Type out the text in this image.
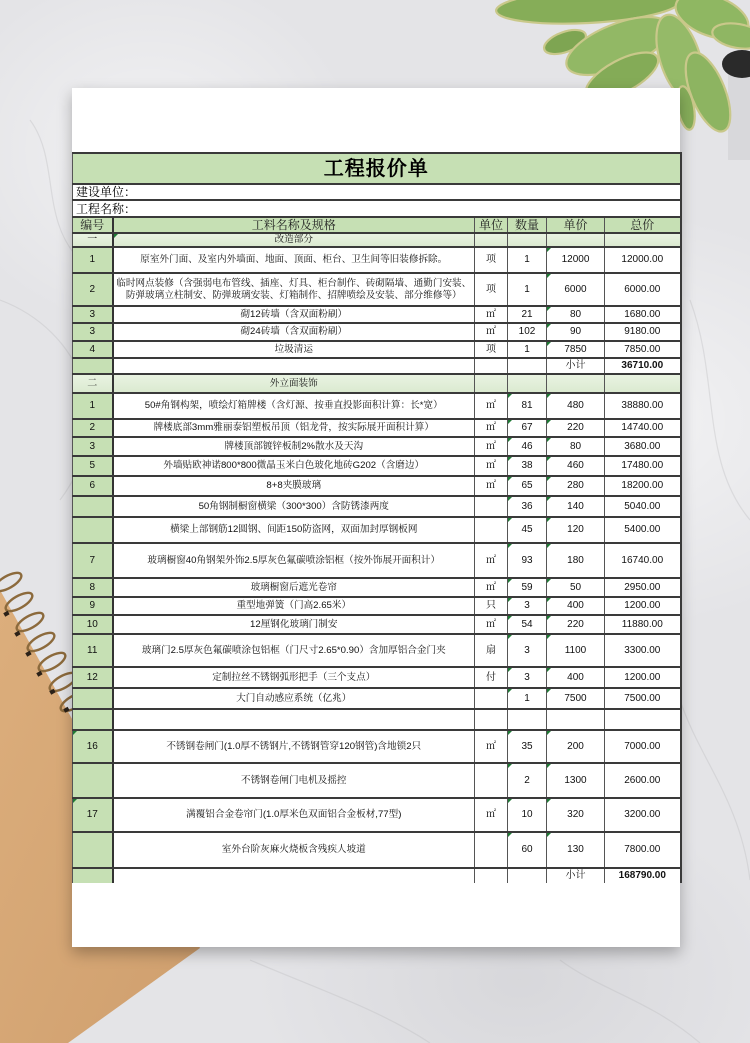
工程报价单					
建设单位：					
工程名称：					
编号	工料名称及规格	单位	数量	单价	总价
一	改造部分				
1	原室外门面、及室内外墙面、地面、顶面、柜台、卫生间等旧装修拆除。	项	1	12000	12000.00
2	临时网点装修（含强弱电布管线、插座、灯具、柜台制作、砖砌隔墙、通勤门安装、防弹玻璃立柱制安、防弹玻璃安装、灯箱制作、招牌喷绘及安装、部分维修等）	项	1	6000	6000.00
3	砌12砖墙（含双面粉刷）	㎡	21	80	1680.00
3	砌24砖墙（含双面粉刷）	㎡	102	90	9180.00
4	垃圾清运	项	1	7850	7850.00
				小计	36710.00
二	外立面装饰				
1	50#角钢构架，喷绘灯箱牌楼（含灯源、按垂直投影面积计算：长*宽）	㎡	81	480	38880.00
2	牌楼底部3mm雅丽泰铝塑板吊顶（铝龙骨，按实际展开面积计算）	㎡	67	220	14740.00
3	牌楼顶部镀锌板制2%散水及天沟	㎡	46	80	3680.00
5	外墙贴欧神诺800*800微晶玉米白色玻化地砖G202（含磨边）	㎡	38	460	17480.00
6	8+8夹膜玻璃	㎡	65	280	18200.00
	50角钢制橱窗横梁（300*300）含防锈漆两度		36	140	5040.00
	横梁上部钢筋12圆钢、间距150防盗网，双面加封厚钢板网		45	120	5400.00
7	玻璃橱窗40角钢架外饰2.5厚灰色氟碳喷涂铝框（按外饰展开面积计）	㎡	93	180	16740.00
8	玻璃橱窗后遮光卷帘	㎡	59	50	2950.00
9	重型地弹簧（门高2.65米）	只	3	400	1200.00
10	12厘钢化玻璃门制安	㎡	54	220	11880.00
11	玻璃门2.5厚灰色氟碳喷涂包铝框（门尺寸2.65*0.90）含加厚铝合金门夹	扇	3	1100	3300.00
12	定制拉丝不锈钢弧形把手（三个支点）	付	3	400	1200.00
	大门自动感应系统（亿兆）		1	7500	7500.00

16	不锈钢卷闸门(1.0厚不锈钢片,不锈钢管穿120钢管)含地锁2只	㎡	35	200	7000.00
	不锈钢卷闸门电机及摇控		2	1300	2600.00
17	满覆铝合金卷帘门(1.0厚米色双面铝合金板材,77型)	㎡	10	320	3200.00
	室外台阶灰麻火烧板含残疾人坡道		60	130	7800.00
				小计	168790.00
